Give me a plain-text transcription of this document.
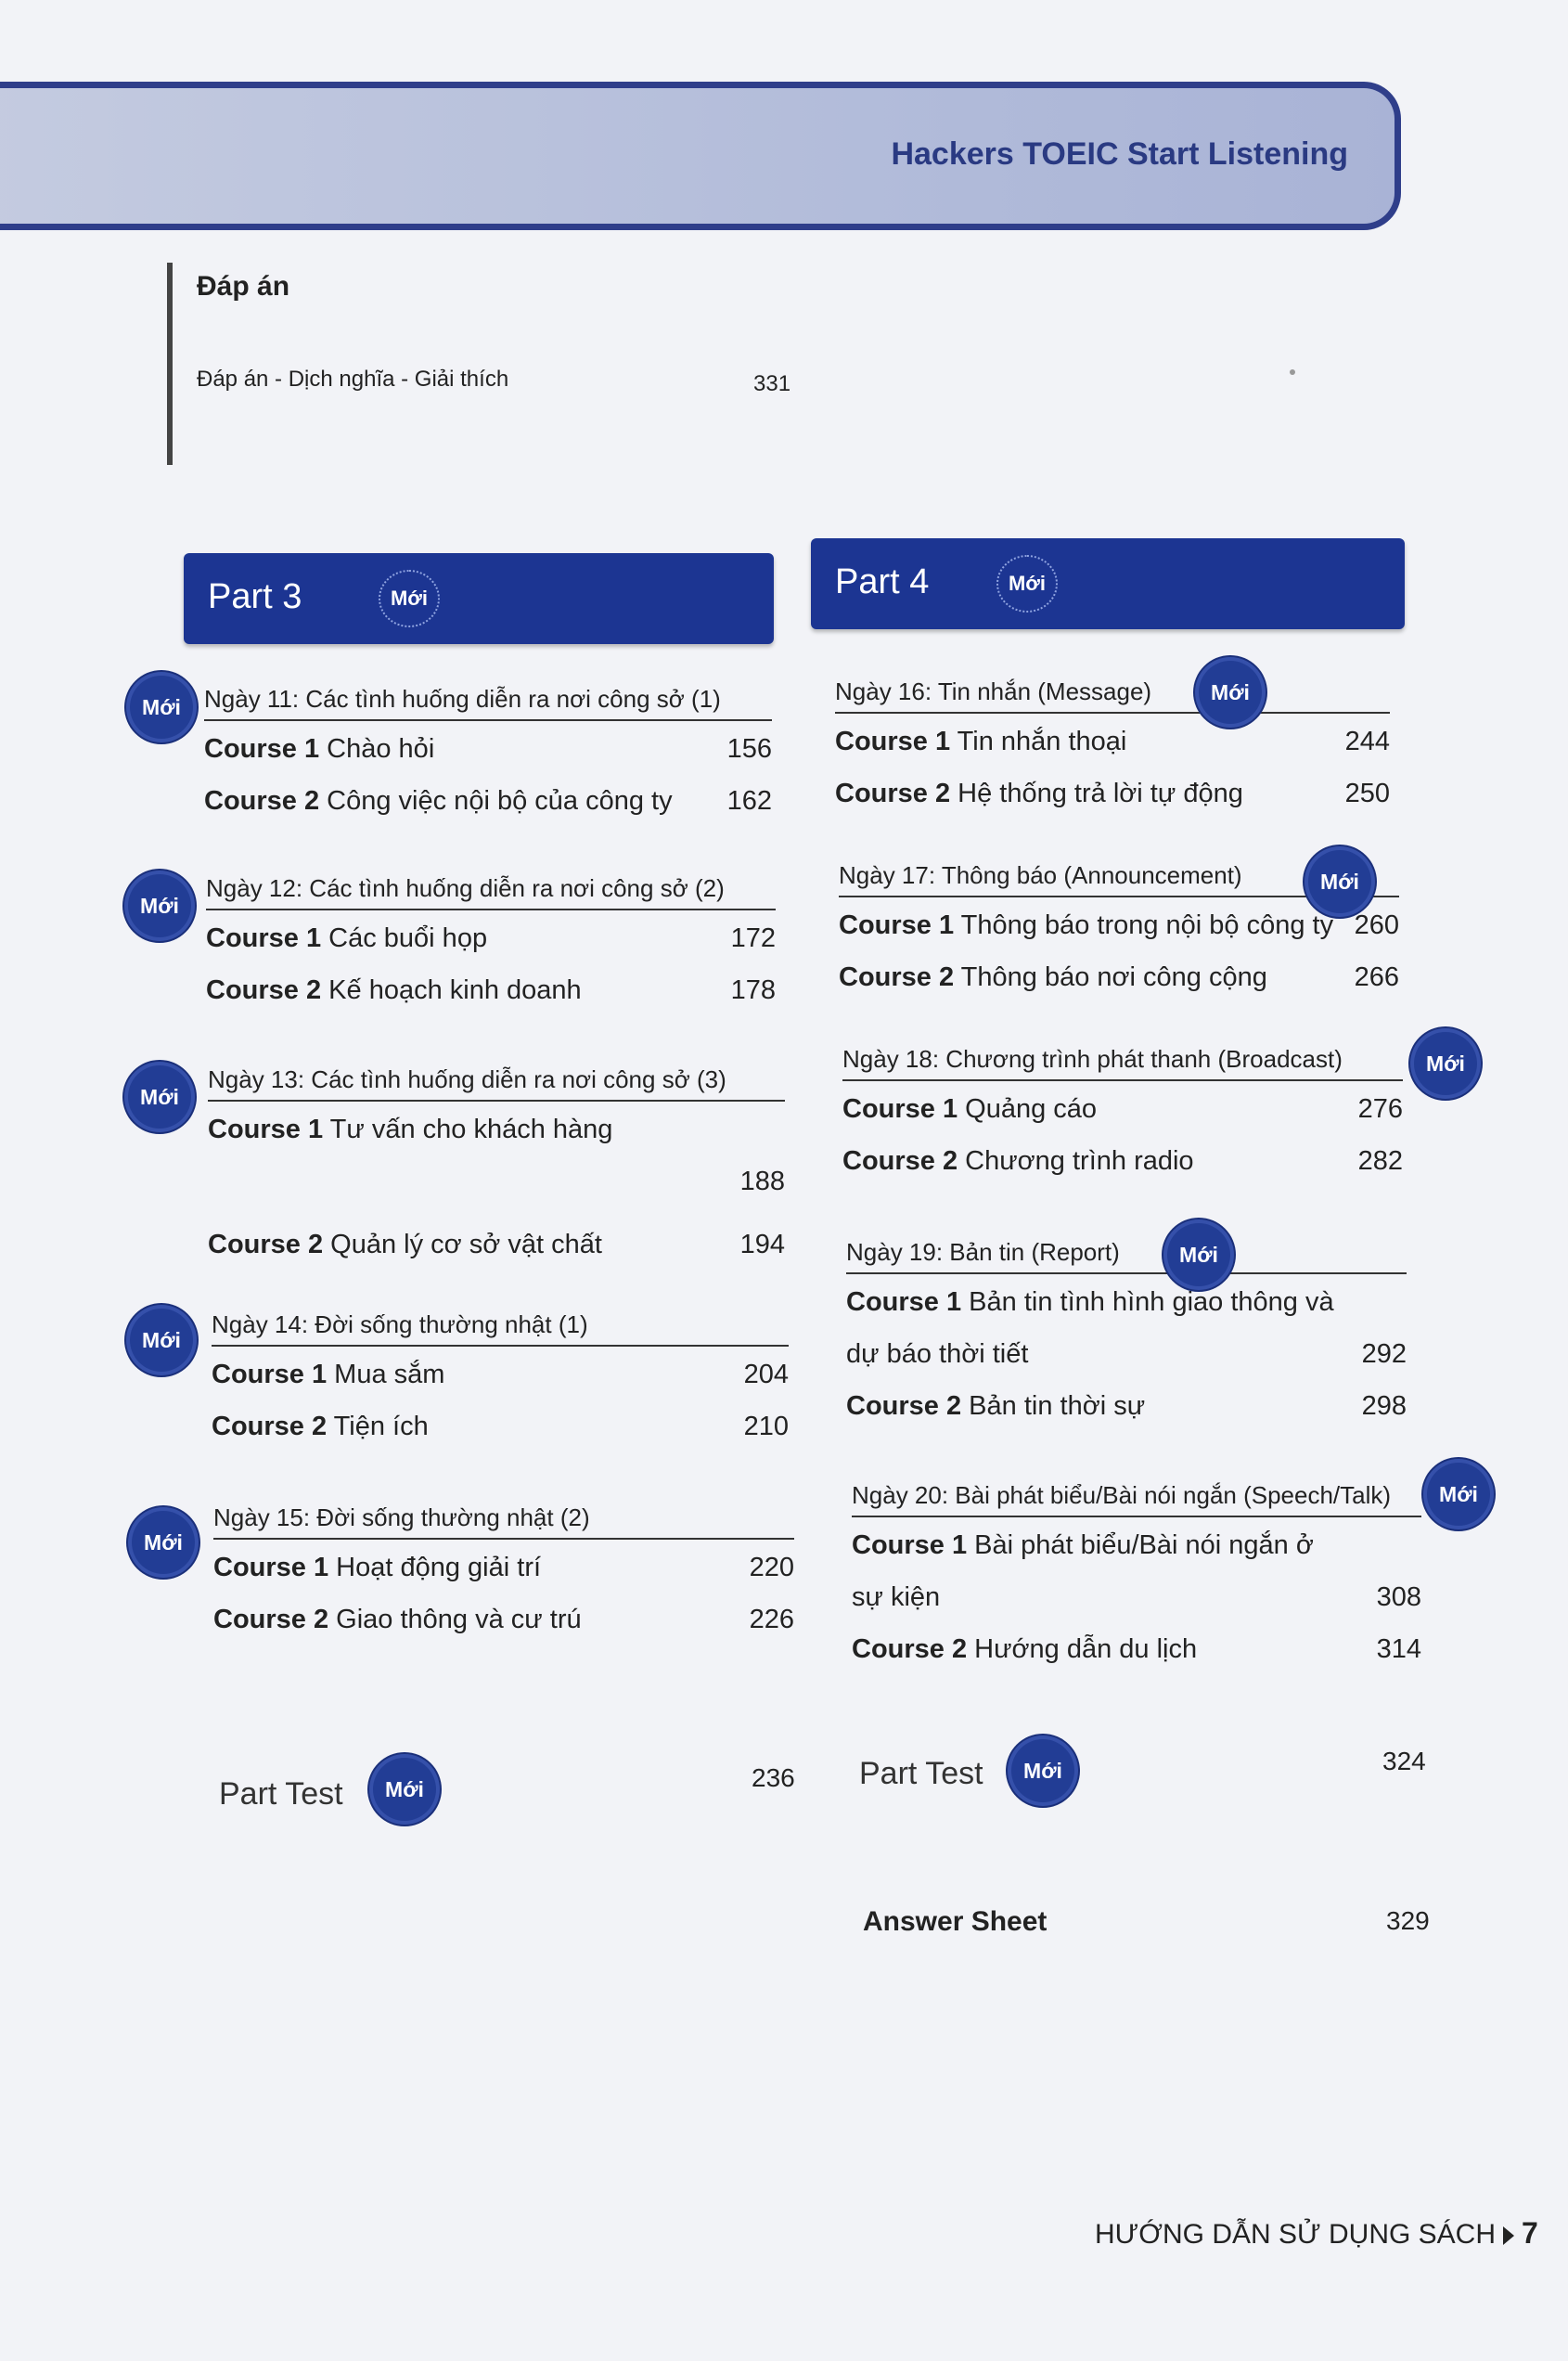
Hackers TOEIC Start Listening
Đáp án
Đáp án - Dịch nghĩa - Giải thích	331
Part 3	Mới	Part 4	Mới
Mới Ngày 11: Các tình huống diễn ra nơi công sở (1)
Course 1 Chào hỏi	156
Course 2 Công việc nội bộ của công ty 162
Mới
Ngày 12: Các tình huống diễn ra nơi công sở (2)
Course 1 Các buổi họp	172
Course 2 Kế hoạch kinh doanh	178
Mới
Ngày 13: Các tình huống diễn ra nơi công sở (3)
Course 1 Tư vấn cho khách hàng
188
Course 2 Quản lý cơ sở vật chất	194
Mới
Ngày 14: Đời sống thường nhật (1)
Course 1 Mua sắm	204
Course 2 Tiện ích	210
Mới
Ngày 15: Đời sống thường nhật (2)
Course 1 Hoạt động giải trí	220
Course 2 Giao thông và cư trú	226
Part Test	Mới	236
Ngày 16: Tin nhắn (Message)
Course 1 Tin nhắn thoại	244
Course 2 Hệ thống trả lời tự động	250
Mới
Ngày 17: Thông báo (Announcement)
Course 1 Thông báo trong nội bộ công ty 260
Course 2 Thông báo nơi công cộng	266
Mới
Ngày 18: Chương trình phát thanh (Broadcast)
Course 1 Quảng cáo	276
Course 2 Chương trình radio	282
Mới
Ngày 19: Bản tin (Report)
Course 1 Bản tin tình hình giao thông và
dự báo thời tiết	292
Course 2 Bản tin thời sự	298
Mới
Ngày 20: Bài phát biểu/Bài nói ngắn (Speech/Talk)
Course 1 Bài phát biểu/Bài nói ngắn ở
sự kiện	308
Course 2 Hướng dẫn du lịch	314
Mới
Part Test	Mới	324
Answer Sheet	329
HƯỚNG DẪN SỬ DỤNG SÁCH 7
